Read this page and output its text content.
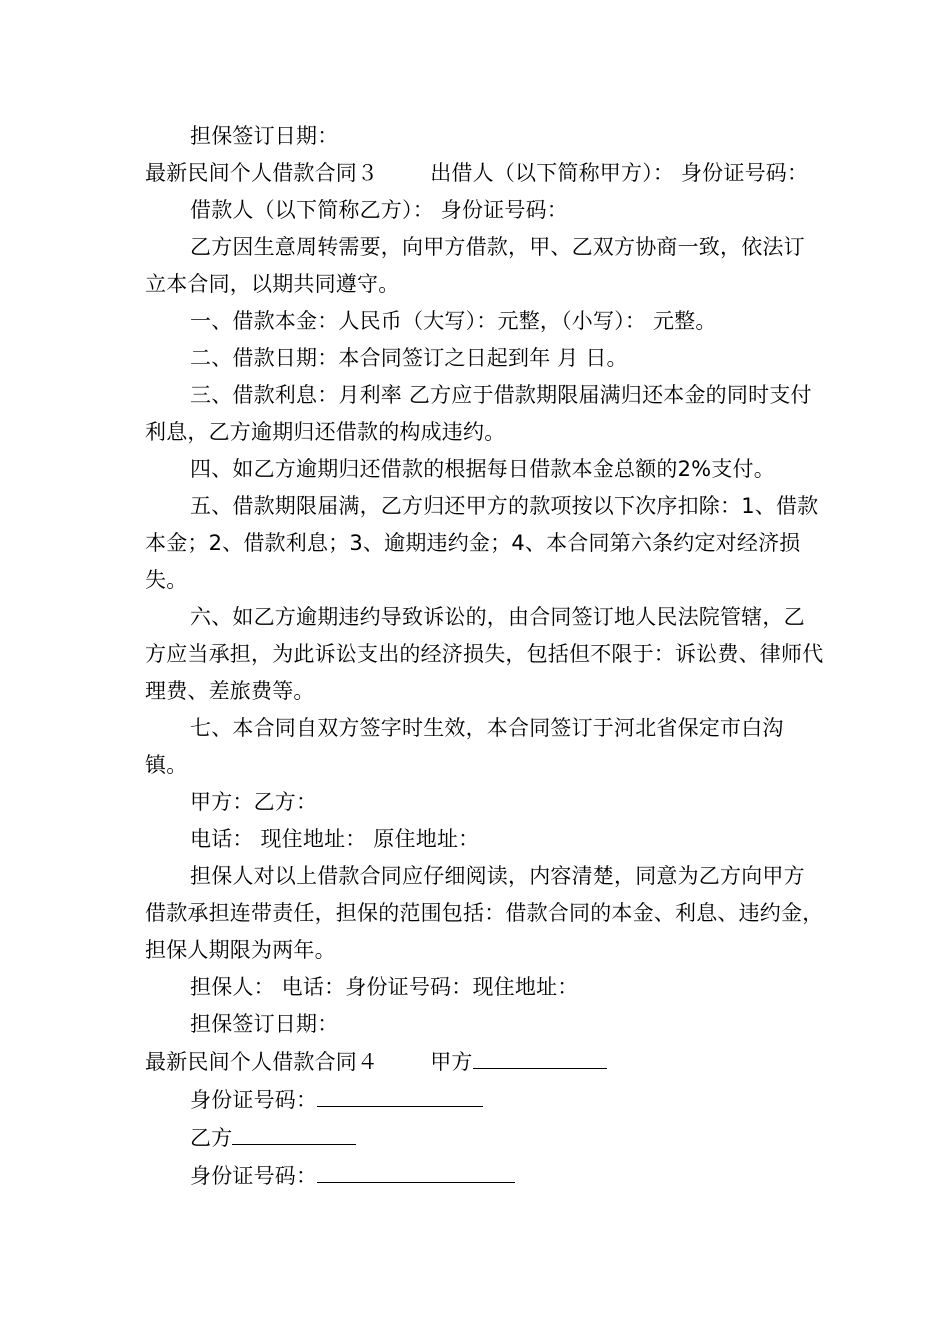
担保签订日期：

最新民间个人借款合同３ 出借人（以下简称甲方）： 身份证号码：

借款人（以下简称乙方）： 身份证号码：

乙方因生意周转需要，向甲方借款，甲、乙双方协商一致，依法订立本合同，以期共同遵守。

一、借款本金：人民币（大写）：元整，（小写）： 元整。

二、借款日期：本合同签订之日起到年 月 日。

三、借款利息：月利率 乙方应于借款期限届满归还本金的同时支付利息，乙方逾期归还借款的构成违约。

四、如乙方逾期归还借款的根据每日借款本金总额的2%支付。

五、借款期限届满，乙方归还甲方的款项按以下次序扣除：1、借款本金；2、借款利息；3、逾期违约金；4、本合同第六条约定对经济损失。

六、如乙方逾期违约导致诉讼的，由合同签订地人民法院管辖，乙方应当承担，为此诉讼支出的经济损失，包括但不限于：诉讼费、律师代理费、差旅费等。

七、本合同自双方签字时生效，本合同签订于河北省保定市白沟镇。

甲方：乙方：

电话： 现住地址： 原住地址：

担保人对以上借款合同应仔细阅读，内容清楚，同意为乙方向甲方借款承担连带责任，担保的范围包括：借款合同的本金、利息、违约金，担保人期限为两年。

担保人： 电话：身份证号码：现住地址：

担保签订日期：

最新民间个人借款合同４ 甲方

身份证号码：

乙方

身份证号码：
